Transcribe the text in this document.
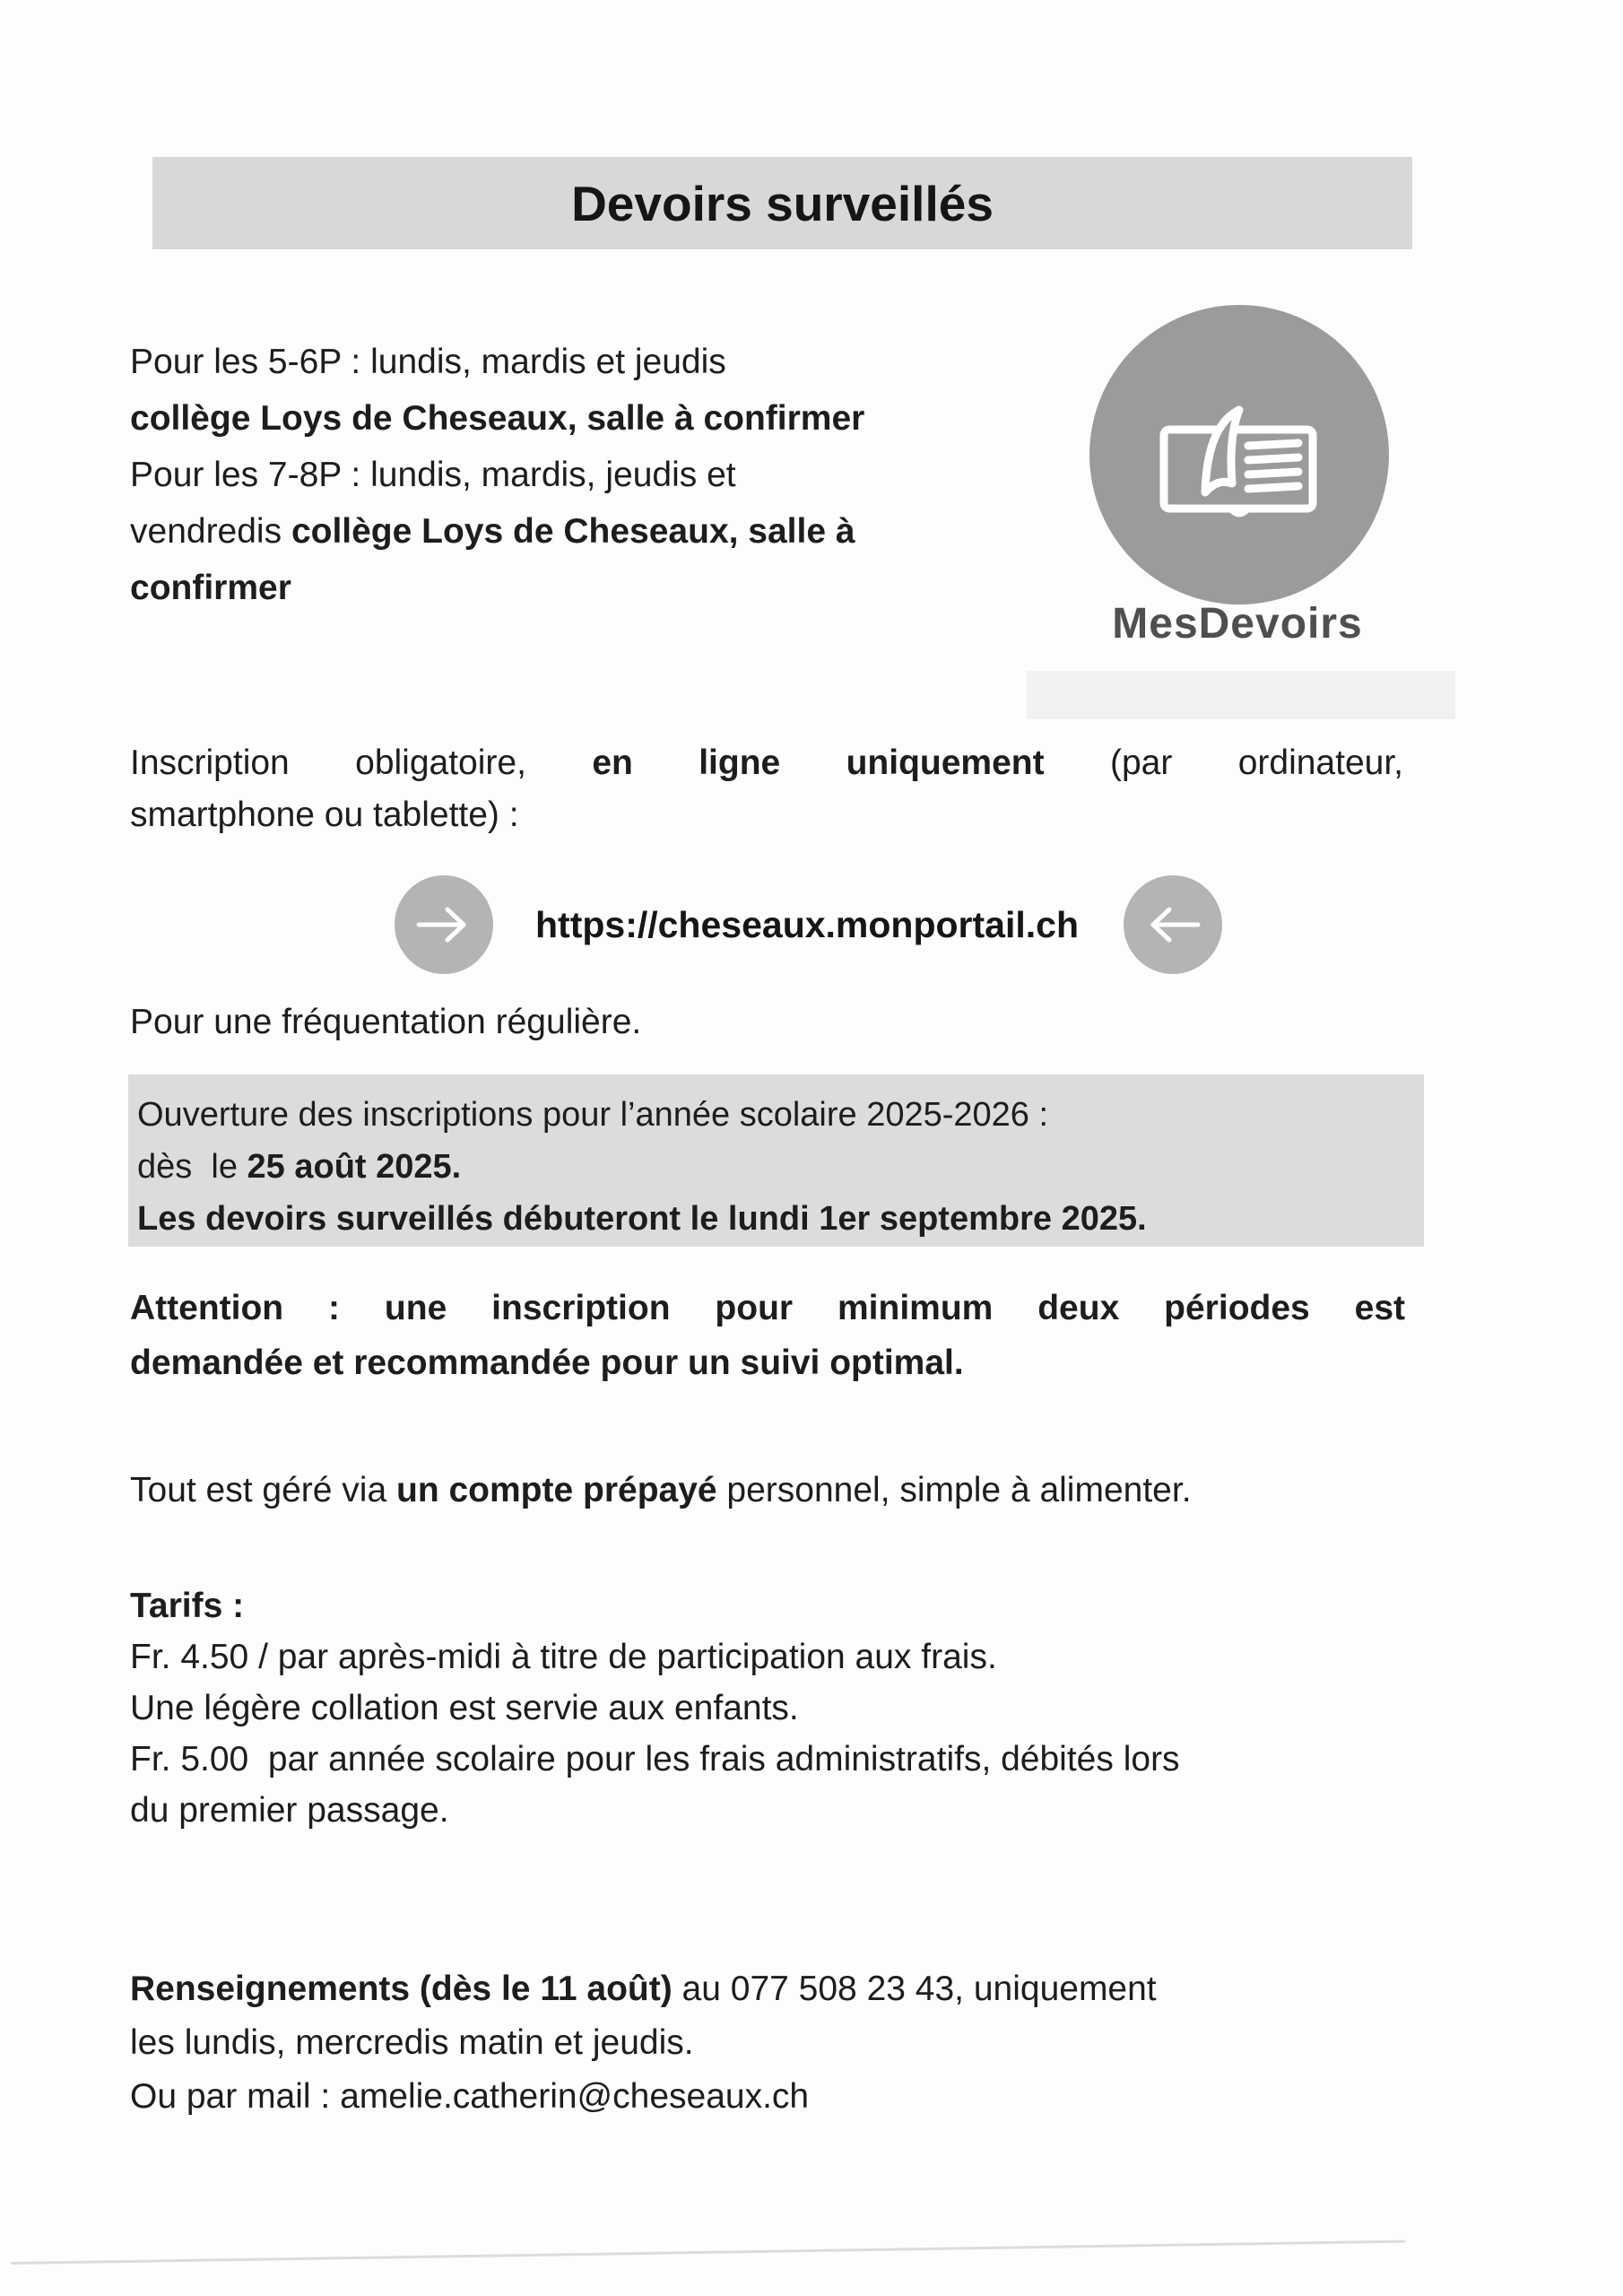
Devoirs surveillés
Pour les 5-6P : lundis, mardis et jeudis
collège Loys de Cheseaux, salle à confirmer
Pour les 7-8P : lundis, mardis, jeudis et
vendredis collège Loys de Cheseaux, salle à
confirmer
MesDevoirs
Inscription obligatoire, en ligne uniquement (par ordinateur,
smartphone ou tablette) :
https://cheseaux.monportail.ch
Pour une fréquentation régulière.
Ouverture des inscriptions pour l’année scolaire 2025-2026 :
dès  le 25 août 2025.
Les devoirs surveillés débuteront le lundi 1er septembre 2025.
Attention : une inscription pour minimum deux périodes est
demandée et recommandée pour un suivi optimal.
Tout est géré via un compte prépayé personnel, simple à alimenter.
Tarifs :
Fr. 4.50 / par après-midi à titre de participation aux frais.
Une légère collation est servie aux enfants.
Fr. 5.00  par année scolaire pour les frais administratifs, débités lors
du premier passage.
Renseignements (dès le 11 août) au 077 508 23 43, uniquement
les lundis, mercredis matin et jeudis.
Ou par mail : amelie.catherin@cheseaux.ch
